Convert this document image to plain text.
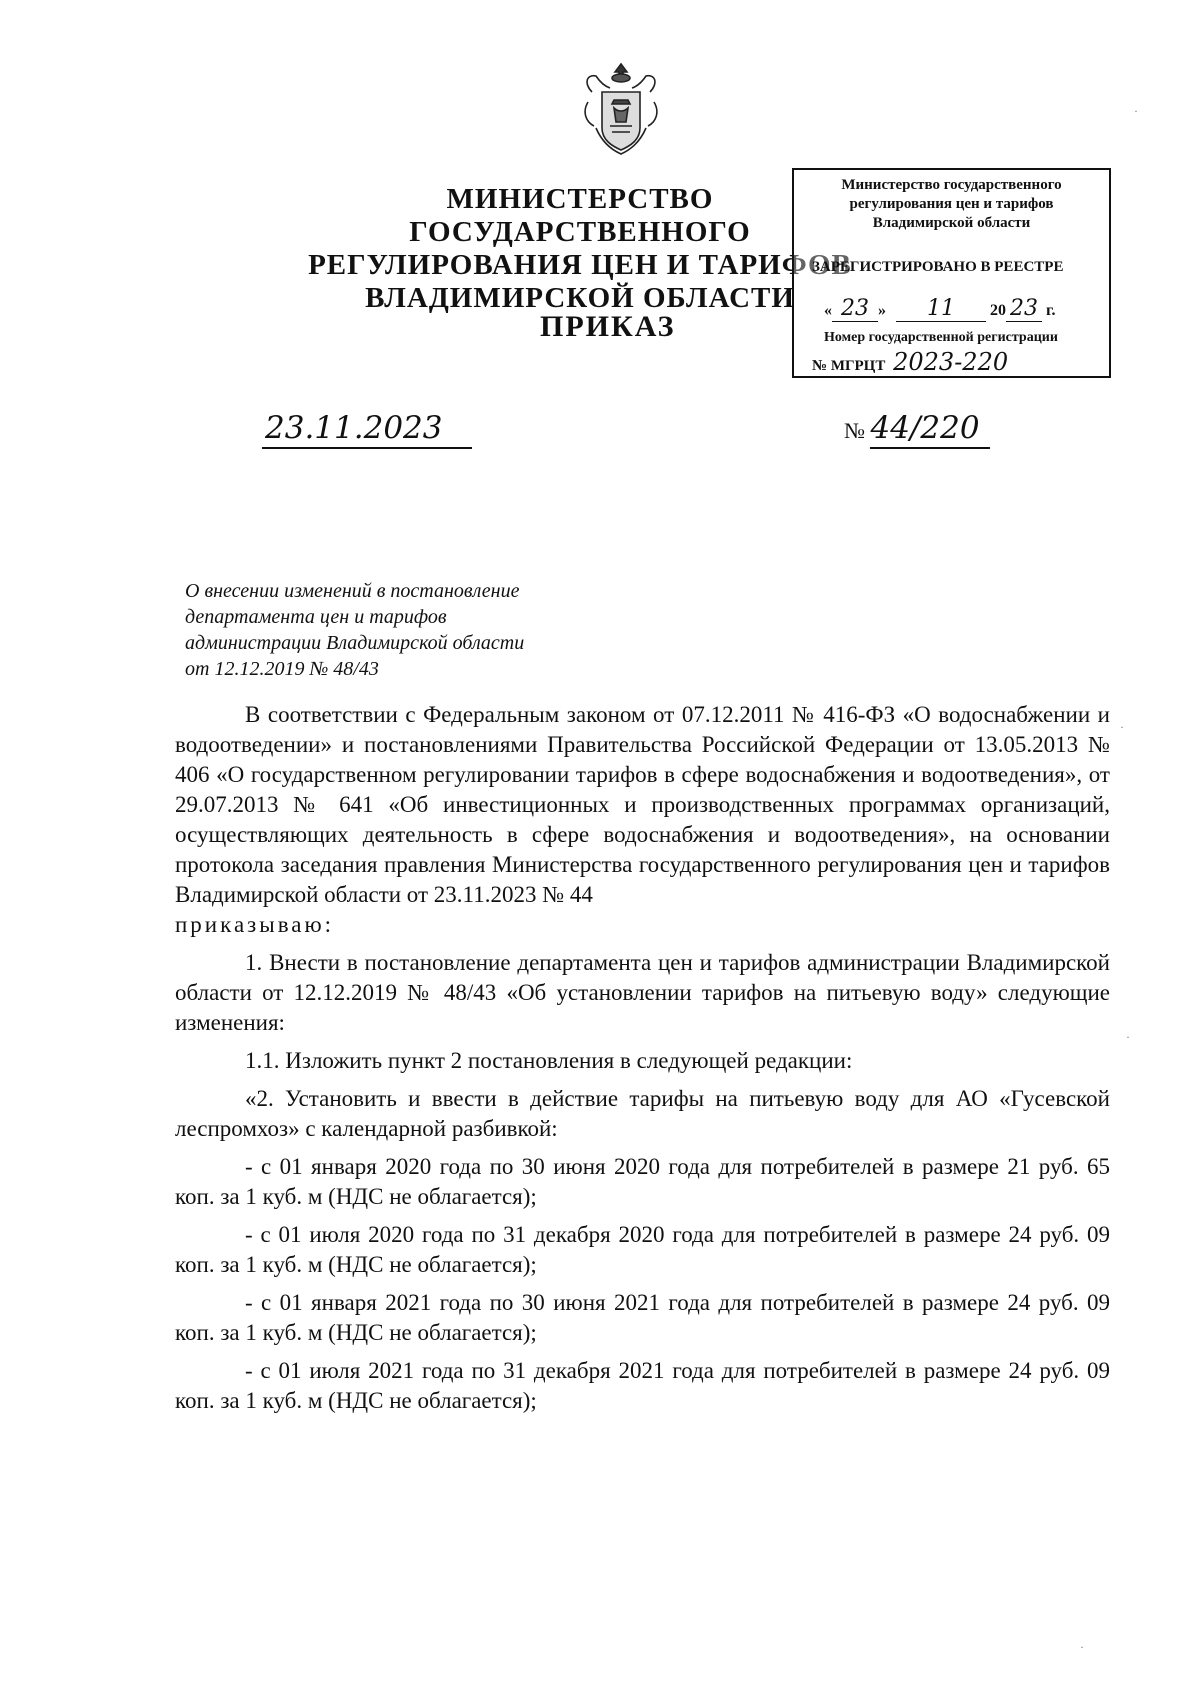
МИНИСТЕРСТВО ГОСУДАРСТВЕННОГО
РЕГУЛИРОВАНИЯ ЦЕН И ТАРИФОВ
ВЛАДИМИРСКОЙ ОБЛАСТИ
ПРИКАЗ
Министерство государственного
регулирования цен и тарифов
Владимирской области
ЗАРЕГИСТРИРОВАНО В РЕЕСТРЕ
« 23 » 11 20 23 г.
Номер государственной регистрации
№ МГРЦТ 2023-220
23.11.2023	№ 44/220
О внесении изменений в постановление
департамента цен и тарифов
администрации Владимирской области
от 12.12.2019 № 48/43

В соответствии с Федеральным законом от 07.12.2011 № 416-ФЗ «О водоснабжении и водоотведении» и постановлениями Правительства Российской Федерации от 13.05.2013 № 406 «О государственном регулировании тарифов в сфере водоснабжения и водоотведения», от 29.07.2013 № 641 «Об инвестиционных и производственных программах организаций, осуществляющих деятельность в сфере водоснабжения и водоотведения», на основании протокола заседания правления Министерства государственного регулирования цен и тарифов Владимирской области от 23.11.2023 № 44

приказываю:

1. Внести в постановление департамента цен и тарифов администрации Владимирской области от 12.12.2019 № 48/43 «Об установлении тарифов на питьевую воду» следующие изменения:

1.1. Изложить пункт 2 постановления в следующей редакции:

«2. Установить и ввести в действие тарифы на питьевую воду для АО «Гусевской леспромхоз» с календарной разбивкой:

- с 01 января 2020 года по 30 июня 2020 года для потребителей в размере 21 руб. 65 коп. за 1 куб. м (НДС не облагается);

- с 01 июля 2020 года по 31 декабря 2020 года для потребителей в размере 24 руб. 09 коп. за 1 куб. м (НДС не облагается);

- с 01 января 2021 года по 30 июня 2021 года для потребителей в размере 24 руб. 09 коп. за 1 куб. м (НДС не облагается);

- с 01 июля 2021 года по 31 декабря 2021 года для потребителей в размере 24 руб. 09 коп. за 1 куб. м (НДС не облагается);

·
·
·
·
